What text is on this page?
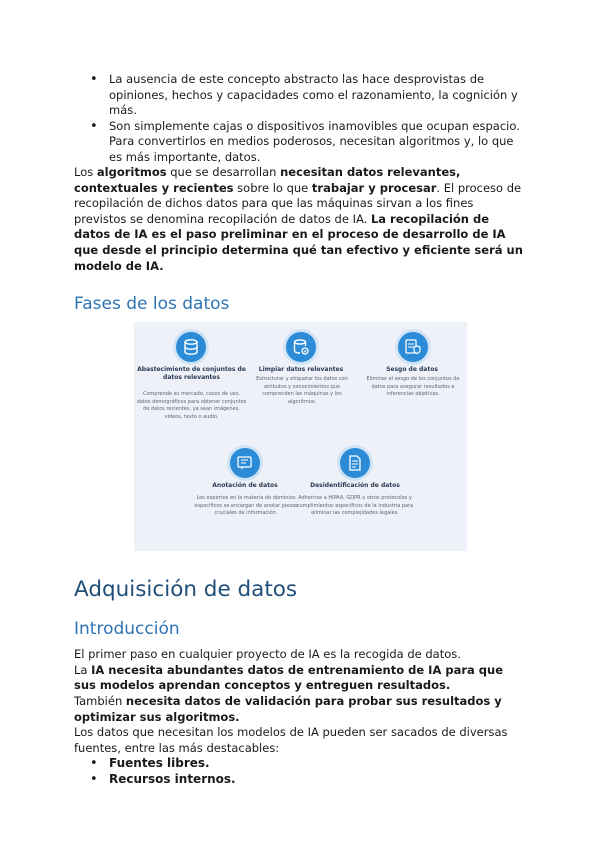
• La ausencia de este concepto abstracto las hace desprovistas de opiniones, hechos y capacidades como el razonamiento, la cognición y más.
• Son simplemente cajas o dispositivos inamovibles que ocupan espacio. Para convertirlos en medios poderosos, necesitan algoritmos y, lo que es más importante, datos.

Los algoritmos que se desarrollan necesitan datos relevantes, contextuales y recientes sobre lo que trabajar y procesar. El proceso de recopilación de dichos datos para que las máquinas sirvan a los fines previstos se denomina recopilación de datos de IA. La recopilación de datos de IA es el paso preliminar en el proceso de desarrollo de IA que desde el principio determina qué tan efectivo y eficiente será un modelo de IA.

Fases de los datos
Abastecimiento de conjuntos de datos relevantes
Comprende su mercado, casos de uso, datos demográficos para obtener conjuntos de datos recientes, ya sean imágenes, videos, texto o audio.
Limpiar datos relevantes
Estructurar y etiquetar los datos con atributos y conocimientos que comprenden las máquinas y los algoritmos.
Sesgo de datos
Eliminar el sesgo de los conjuntos de datos para asegurar resultados e inferencias objetivas.
Anotación de datos
Los expertos en la materia de dominios específicos se encargan de anotar piezas cruciales de información.
Desidentificación de datos
Adherirse a HIPAA, GDPR u otros protocolos y cumplimientos específicos de la industria para eliminar las complejidades legales.
Adquisición de datos
Introducción

El primer paso en cualquier proyecto de IA es la recogida de datos.

La IA necesita abundantes datos de entrenamiento de IA para que sus modelos aprendan conceptos y entreguen resultados.

También necesita datos de validación para probar sus resultados y optimizar sus algoritmos.

Los datos que necesitan los modelos de IA pueden ser sacados de diversas fuentes, entre las más destacables:

• Fuentes libres.
• Recursos internos.
